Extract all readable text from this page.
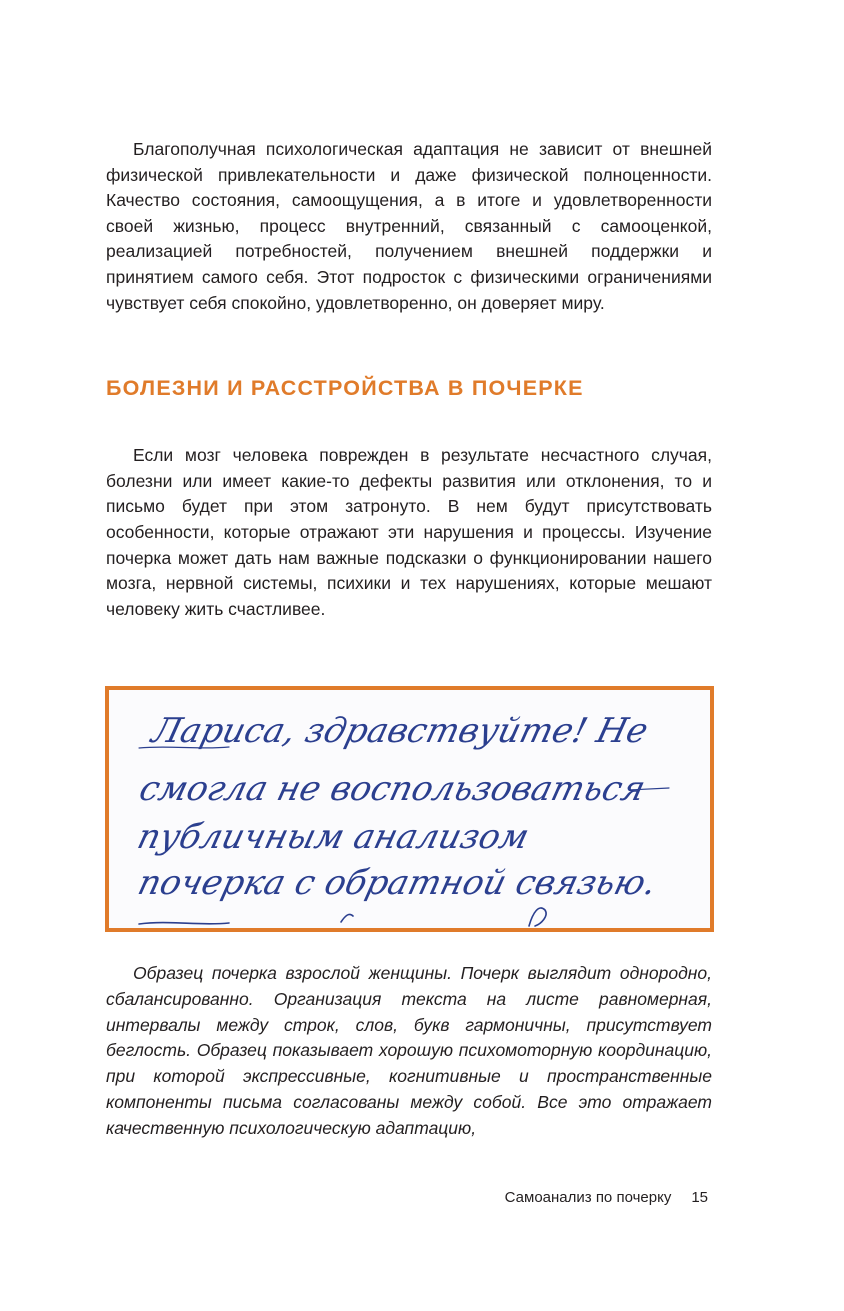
Благополучная психологическая адаптация не зависит от внешней физической привлекательности и даже физической полноценности. Качество состояния, самоощущения, а в итоге и удовлетворенности своей жизнью, процесс внутренний, связанный с самооценкой, реализацией потребностей, получением внешней поддержки и принятием самого себя. Этот подросток с физическими ограничениями чувствует себя спокойно, удовлетворенно, он доверяет миру.

БОЛЕЗНИ И РАССТРОЙСТВА В ПОЧЕРКЕ

Если мозг человека поврежден в результате несчастного случая, болезни или имеет какие-то дефекты развития или отклонения, то и письмо будет при этом затронуто. В нем будут присутствовать особенности, которые отражают эти нарушения и процессы. Изучение почерка может дать нам важные подсказки о функционировании нашего мозга, нервной системы, психики и тех нарушениях, которые мешают человеку жить счастливее.

Лариса, здравствуйте! Не
смогла не воспользоваться
публичным анализом
почерка с обратной связью.

Образец почерка взрослой женщины. Почерк выглядит однородно, сбалансированно. Организация текста на листе равномерная, интервалы между строк, слов, букв гармоничны, присутствует беглость. Образец показывает хорошую психомоторную координацию, при которой экспрессивные, когнитивные и пространственные компоненты письма согласованы между собой. Все это отражает качественную психологическую адаптацию,

Самоанализ по почерку 15
